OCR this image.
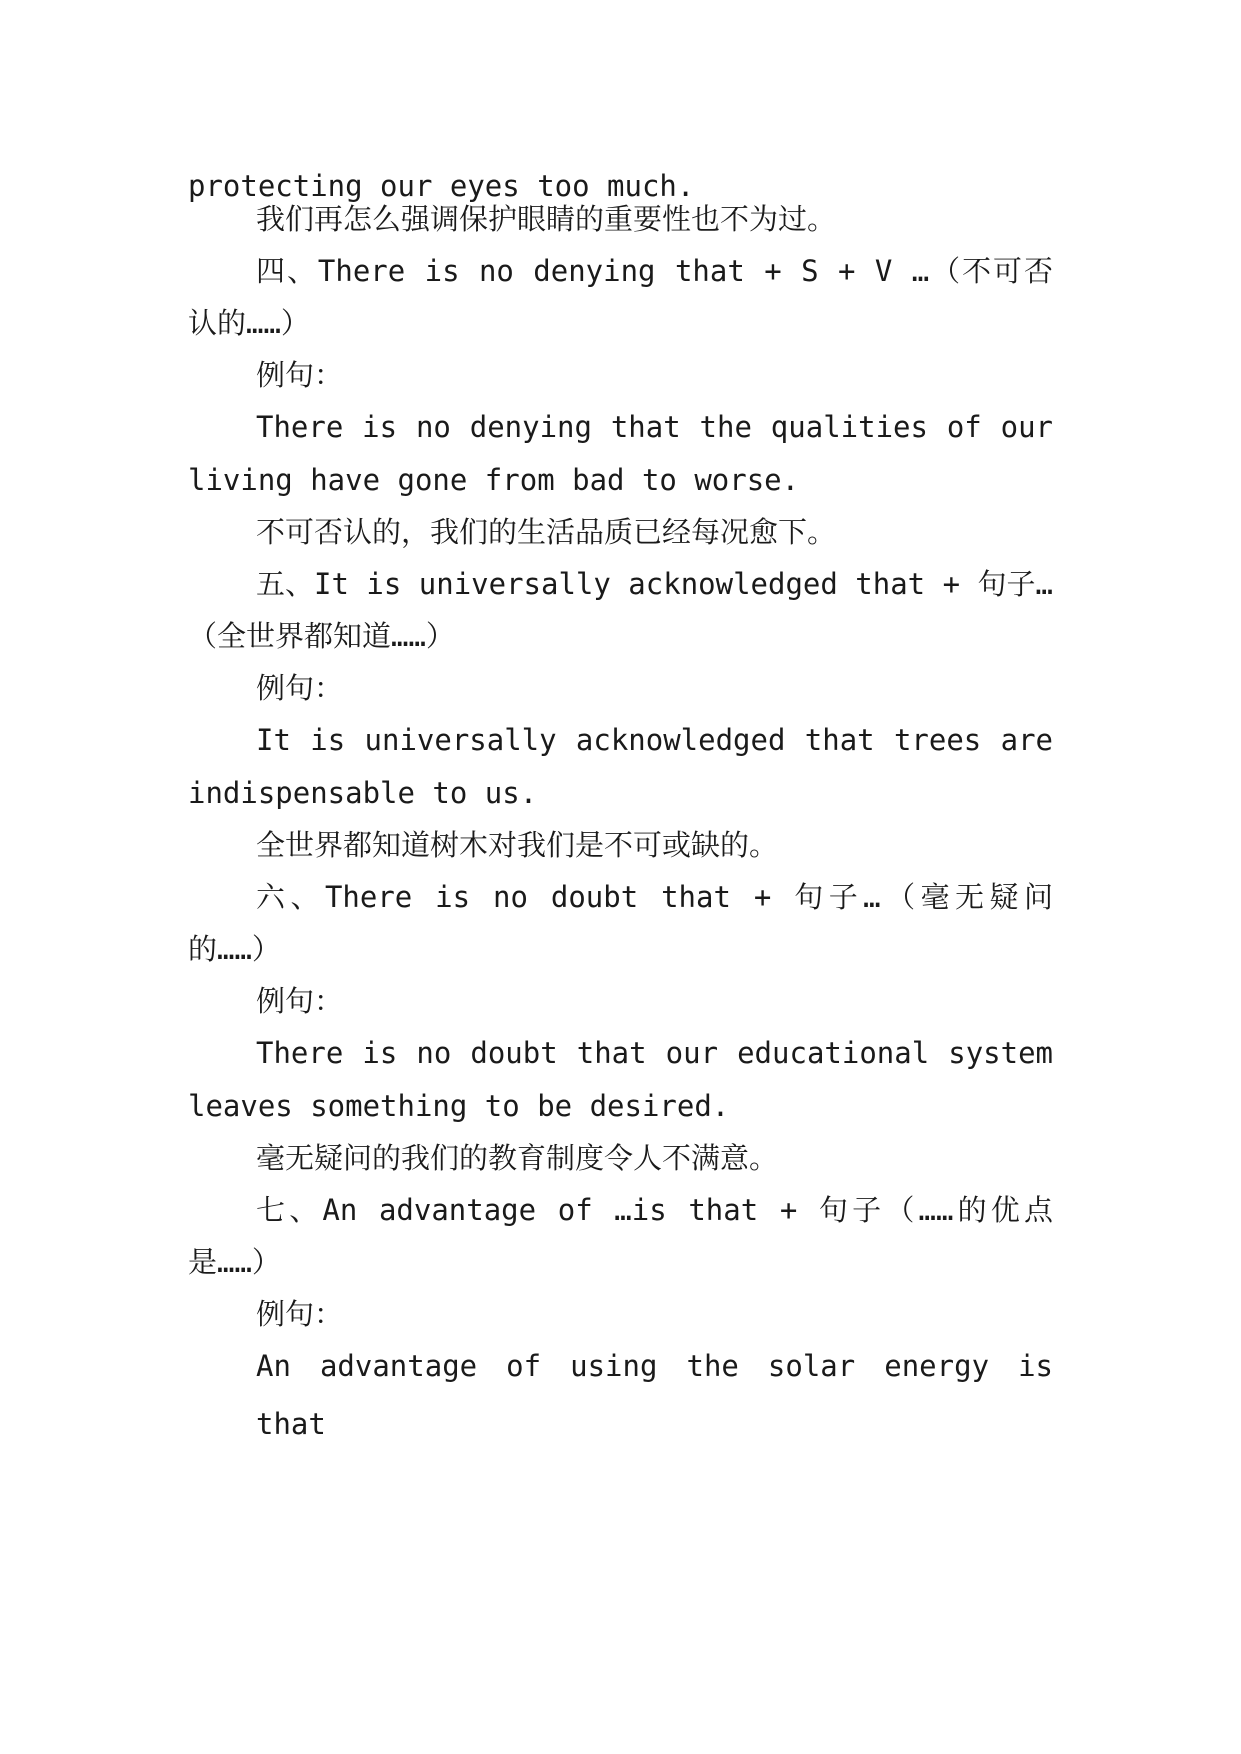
protecting our eyes too much.
我们再怎么强调保护眼睛的重要性也不为过。
四、There is no denying that + S + V …（不可否
认的……）
例句：
There is no denying that the qualities of our
living have gone from bad to worse.
不可否认的，我们的生活品质已经每况愈下。
五、It is universally acknowledged that + 句子…
（全世界都知道……）
例句：
It is universally acknowledged that trees are
indispensable to us.
全世界都知道树木对我们是不可或缺的。
六、There is no doubt that + 句子…（毫无疑问
的……）
例句：
There is no doubt that our educational system
leaves something to be desired.
毫无疑问的我们的教育制度令人不满意。
七、An advantage of …is that + 句子（……的优点
是……）
例句：
An advantage of using the solar energy is that
